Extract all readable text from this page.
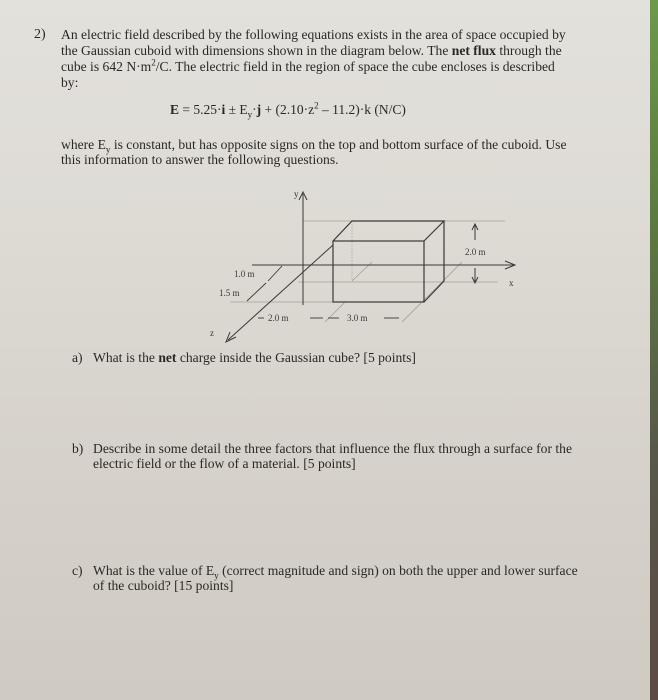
2) An electric field described by the following equations exists in the area of space occupied by
the Gaussian cuboid with dimensions shown in the diagram below. The net flux through the
cube is 642 $N\cdot m^2/C$. The electric field in the region of space the cube encloses is described
by:
$E = 5.25\cdot i \pm E_y\cdot j + (2.10\cdot z^2 - 11.2)\cdot k$ (N/C)
where $E_y$ is constant, but has opposite signs on the top and bottom surface of the cuboid. Use
this information to answer the following questions.
y
x
z
2.0 m
1.0 m
1.5 m
2.0 m	3.0 m
a) What is the net charge inside the Gaussian cube? [5 points]
b) Describe in some detail the three factors that influence the flux through a surface for the
electric field or the flow of a material. [5 points]
c) What is the value of $E_y$ (correct magnitude and sign) on both the upper and lower surface
of the cuboid? [15 points]
